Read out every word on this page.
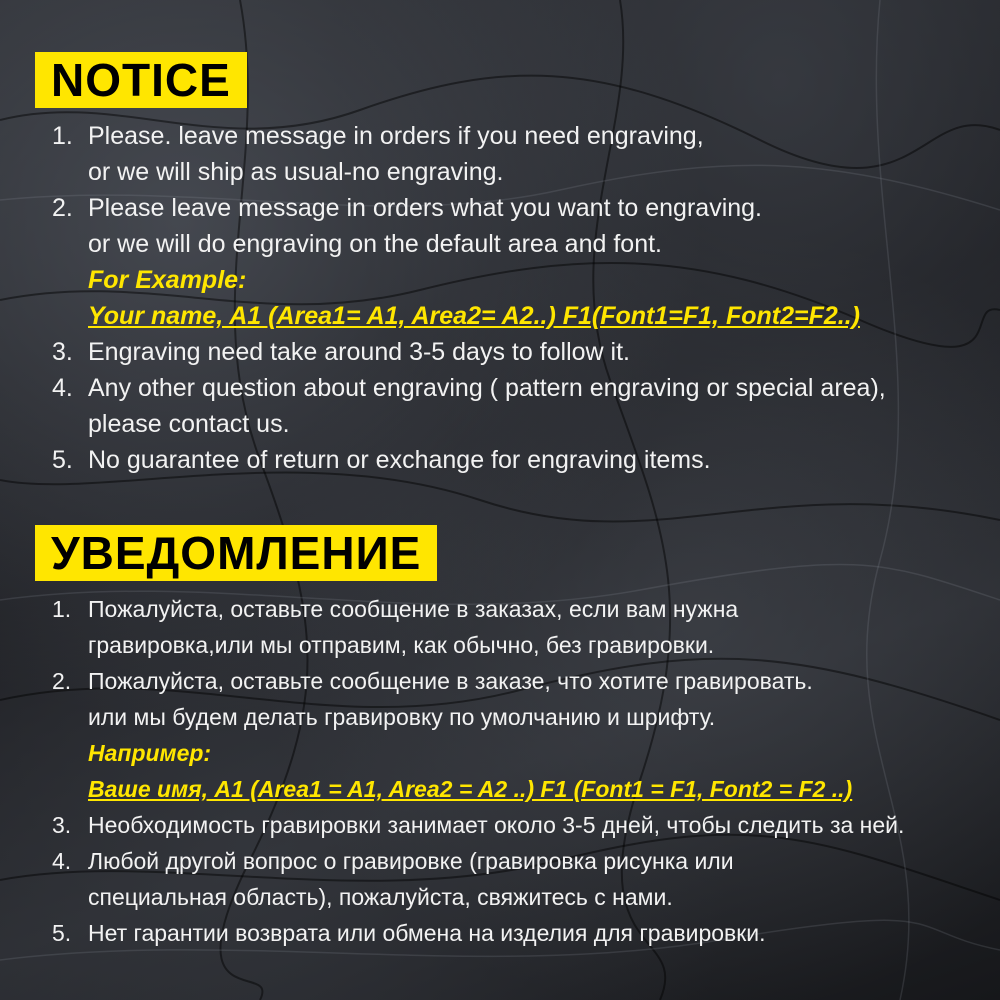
NOTICE
1. Please. leave message in orders if you need engraving,
or we will ship as usual-no engraving.
2. Please leave message in orders what you want to engraving.
or we will do engraving on the default area and font.
For Example:
Your name, A1 (Area1= A1, Area2= A2..) F1(Font1=F1, Font2=F2..)
3. Engraving need take around 3-5 days to follow it.
4. Any other question about engraving ( pattern engraving or special area),
please contact us.
5. No guarantee of return or exchange for engraving items.
УВЕДОМЛЕНИЕ
1. Пожалуйста, оставьте сообщение в заказах, если вам нужна
гравировка,или мы отправим, как обычно, без гравировки.
2. Пожалуйста, оставьте сообщение в заказе, что хотите гравировать.
или мы будем делать гравировку по умолчанию и шрифту.
Например:
Ваше имя, A1 (Area1 = A1, Area2 = A2 ..) F1 (Font1 = F1, Font2 = F2 ..)
3. Необходимость гравировки занимает около 3-5 дней, чтобы следить за ней.
4. Любой другой вопрос о гравировке (гравировка рисунка или
специальная область), пожалуйста, свяжитесь с нами.
5. Нет гарантии возврата или обмена на изделия для гравировки.
